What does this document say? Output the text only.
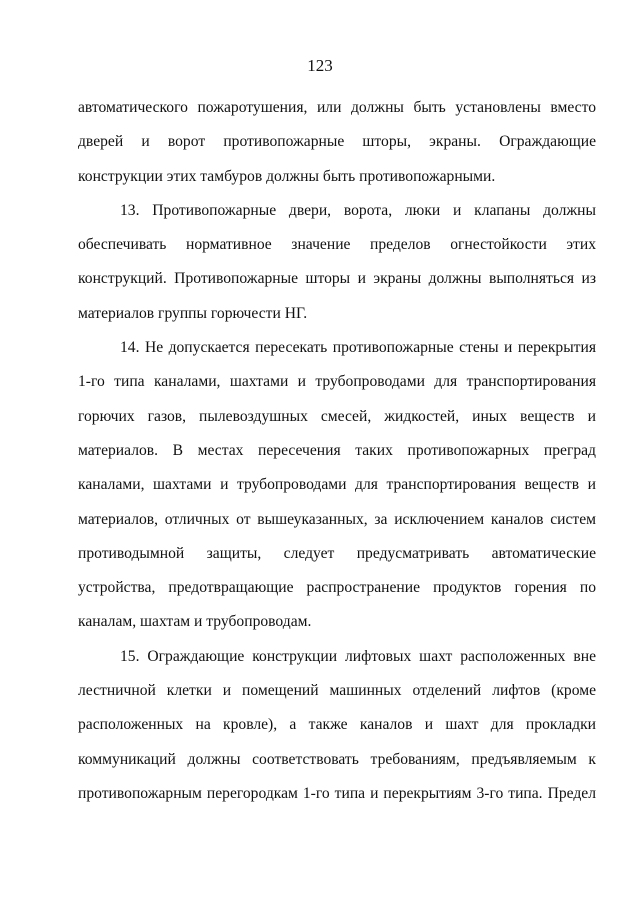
123

автоматического пожаротушения, или должны быть установлены вместо дверей и ворот противопожарные шторы, экраны. Ограждающие конструкции этих тамбуров должны быть противопожарными.

13. Противопожарные двери, ворота, люки и клапаны должны обеспечивать нормативное значение пределов огнестойкости этих конструкций. Противопожарные шторы и экраны должны выполняться из материалов группы горючести НГ.

14. Не допускается пересекать противопожарные стены и перекрытия 1-го типа каналами, шахтами и трубопроводами для транспортирования горючих газов, пылевоздушных смесей, жидкостей, иных веществ и материалов. В местах пересечения таких противопожарных преград каналами, шахтами и трубопроводами для транспортирования веществ и материалов, отличных от вышеуказанных, за исключением каналов систем противодымной защиты, следует предусматривать автоматические устройства, предотвращающие распространение продуктов горения по каналам, шахтам и трубопроводам.

15. Ограждающие конструкции лифтовых шахт расположенных вне лестничной клетки и помещений машинных отделений лифтов (кроме расположенных на кровле), а также каналов и шахт для прокладки коммуникаций должны соответствовать требованиям, предъявляемым к противопожарным перегородкам 1-го типа и перекрытиям 3-го типа. Предел
